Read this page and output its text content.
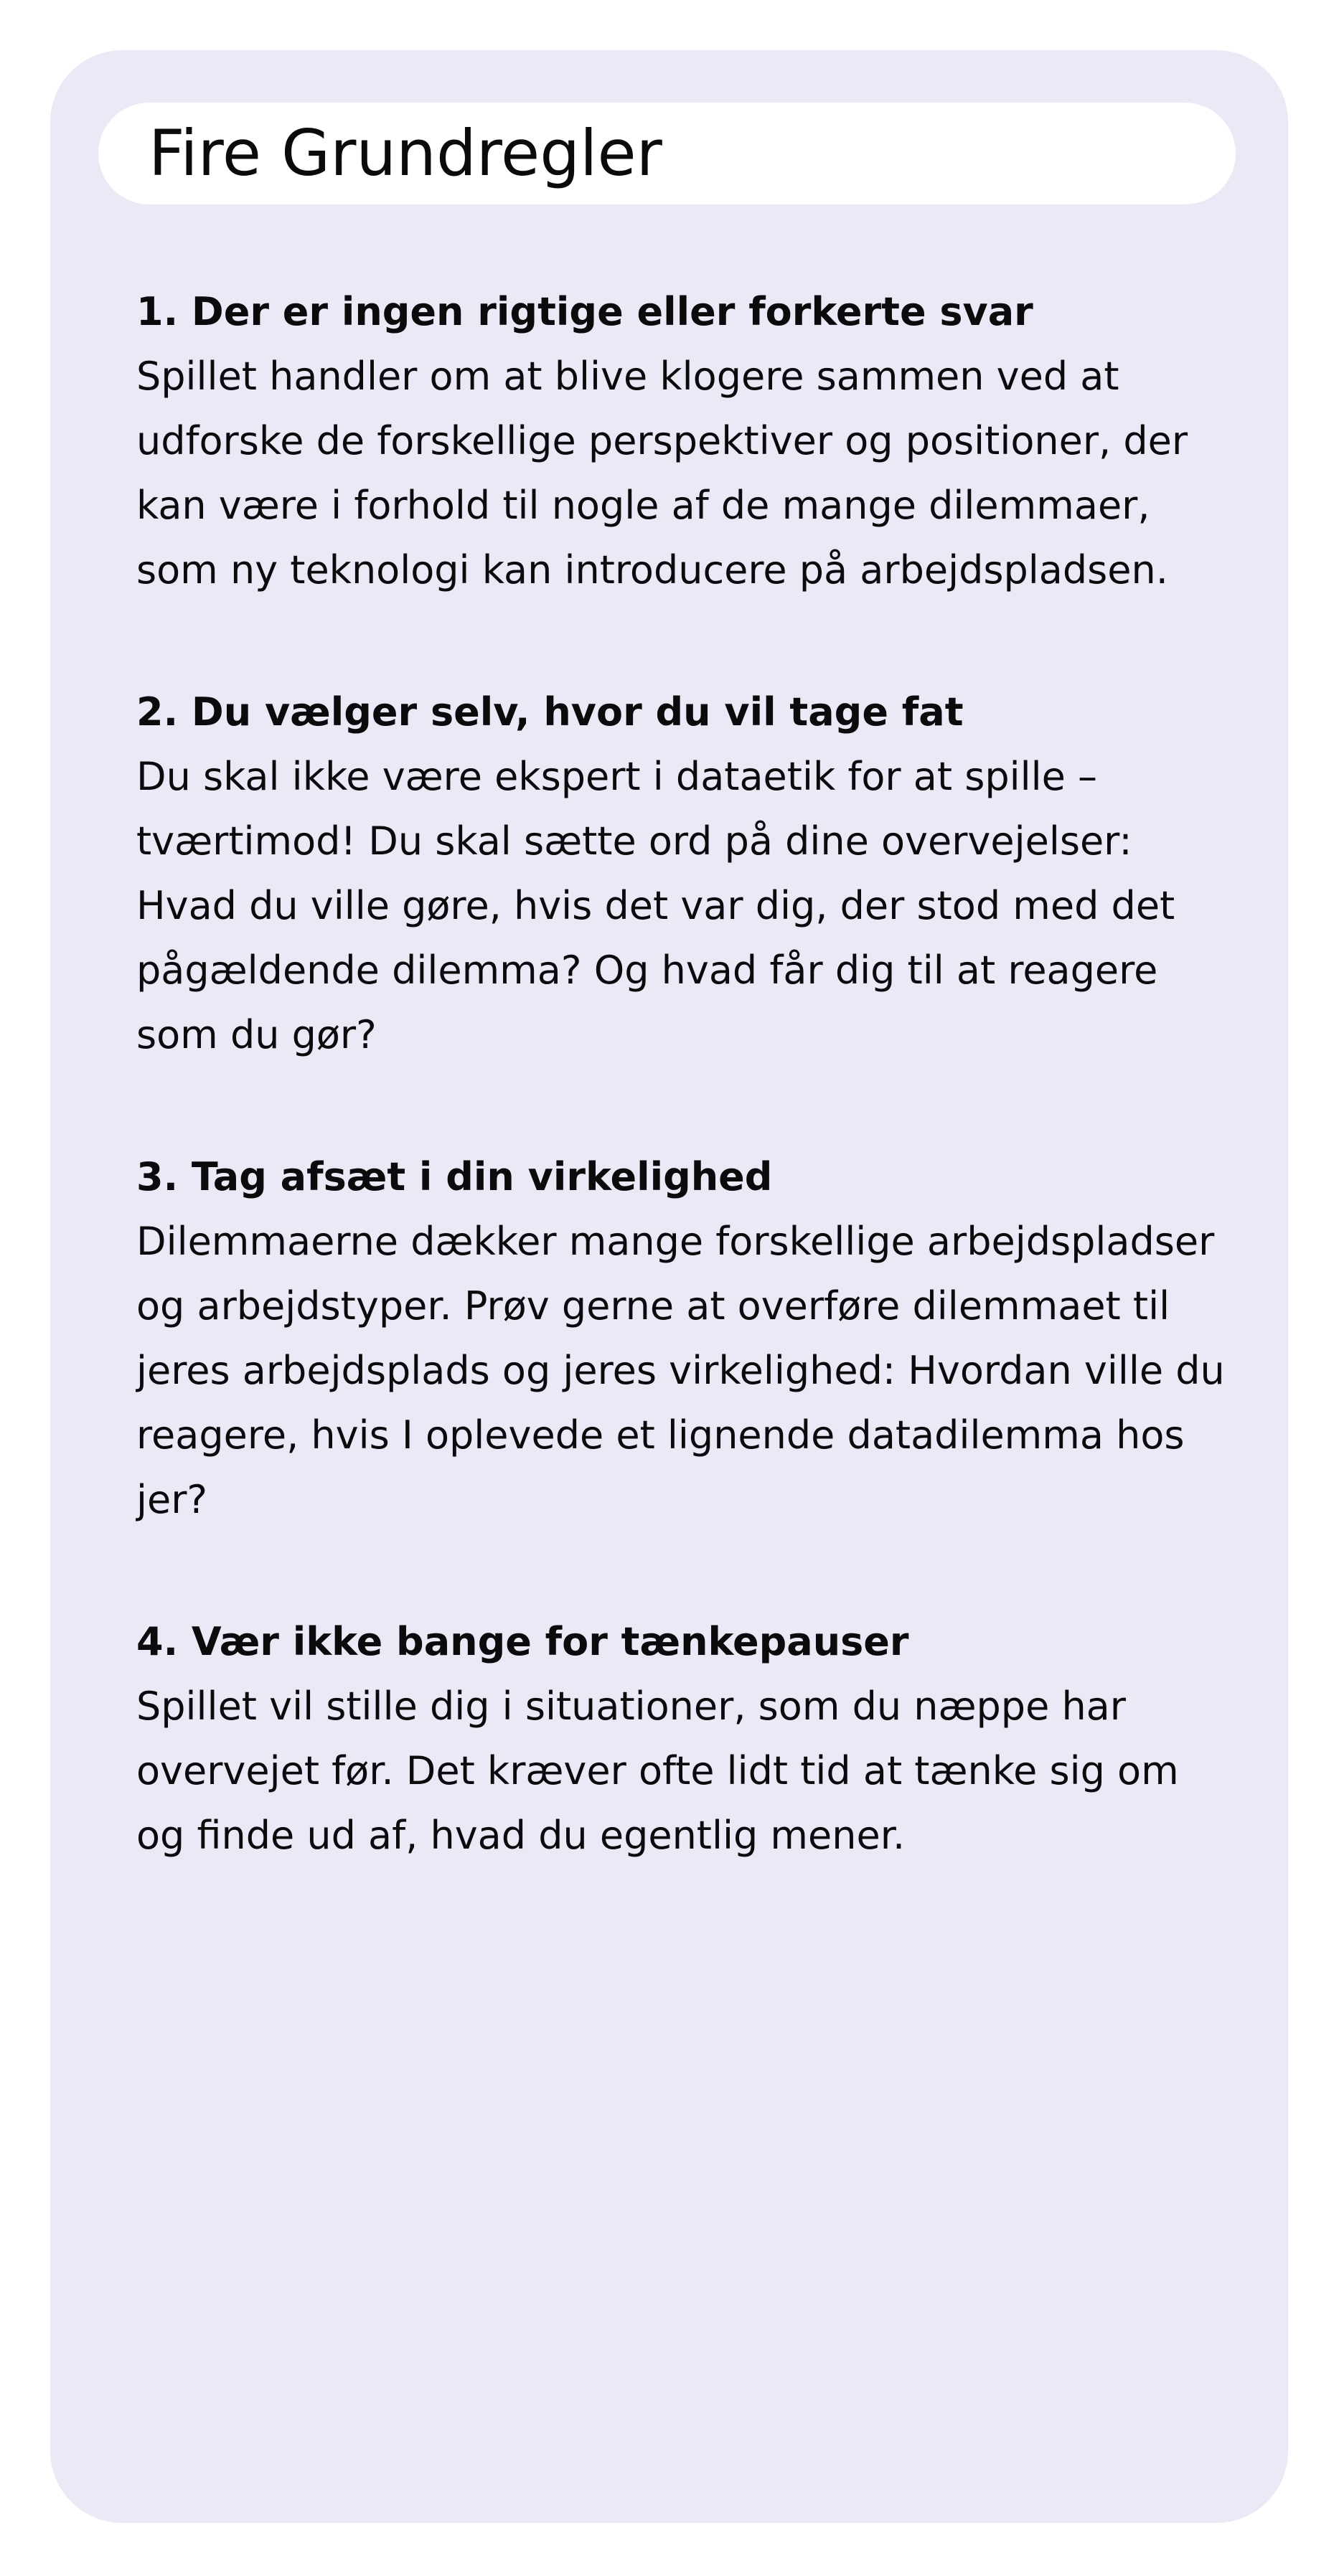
Fire Grundregler
1. Der er ingen rigtige eller forkerte svar

Spillet handler om at blive klogere sammen ved at udforske de forskellige perspektiver og positioner, der kan være i forhold til nogle af de mange dilemmaer, som ny teknologi kan introducere på arbejdspladsen.

2. Du vælger selv, hvor du vil tage fat

Du skal ikke være ekspert i dataetik for at spille – tværtimod! Du skal sætte ord på dine overvejelser: Hvad du ville gøre, hvis det var dig, der stod med det pågældende dilemma? Og hvad får dig til at reagere som du gør?

3. Tag afsæt i din virkelighed

Dilemmaerne dækker mange forskellige arbejdspladser og arbejdstyper. Prøv gerne at overføre dilemmaet til jeres arbejdsplads og jeres virkelighed: Hvordan ville du reagere, hvis I oplevede et lignende datadilemma hos jer?

4. Vær ikke bange for tænkepauser

Spillet vil stille dig i situationer, som du næppe har overvejet før. Det kræver ofte lidt tid at tænke sig om og finde ud af, hvad du egentlig mener.
